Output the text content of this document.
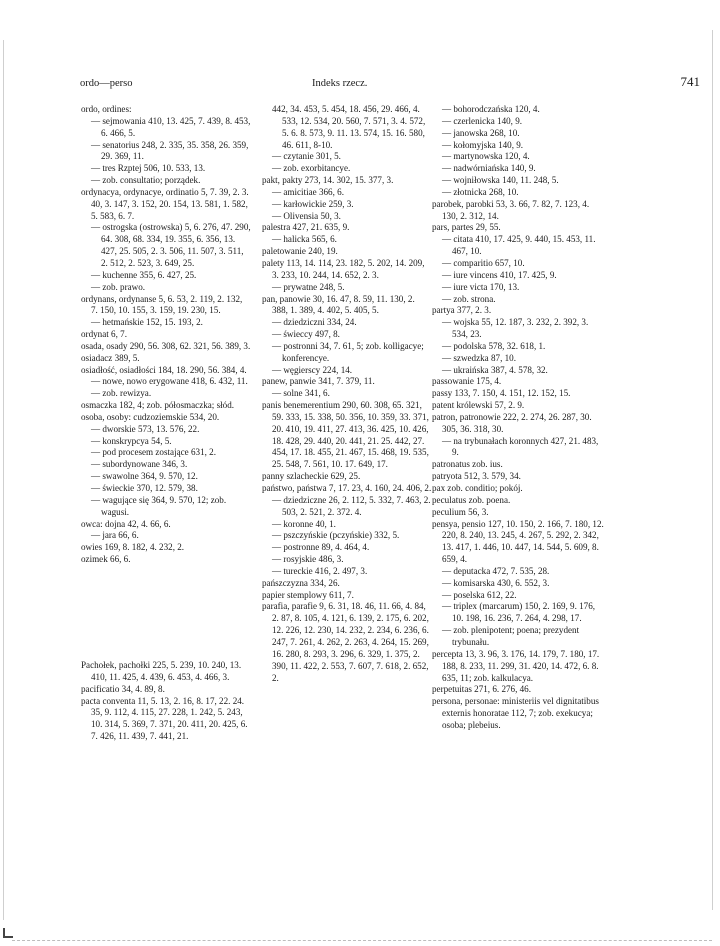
ordo—perso	Indeks rzecz.	741

ordo, ordines:

— sejmowania 410, 13. 425, 7. 439, 8. 453, 6. 466, 5.

— senatorius 248, 2. 335, 35. 358, 26. 359, 29. 369, 11.

— tres Rzptej 506, 10. 533, 13.

— zob. consultatio; porządek.

ordynacya, ordynacye, ordinatio 5, 7. 39, 2. 3. 40, 3. 147, 3. 152, 20. 154, 13. 581, 1. 582, 5. 583, 6. 7.

— ostrogska (ostrowska) 5, 6. 276, 47. 290, 64. 308, 68. 334, 19. 355, 6. 356, 13. 427, 25. 505, 2. 3. 506, 11. 507, 3. 511, 2. 512, 2. 523, 3. 649, 25.

— kuchenne 355, 6. 427, 25.

— zob. prawo.

ordynans, ordynanse 5, 6. 53, 2. 119, 2. 132, 7. 150, 10. 155, 3. 159, 19. 230, 15.

— hetmańskie 152, 15. 193, 2.

ordynat 6, 7.

osada, osady 290, 56. 308, 62. 321, 56. 389, 3.

osiadacz 389, 5.

osiadłość, osiadłości 184, 18. 290, 56. 384, 4.

— nowe, nowo erygowane 418, 6. 432, 11.

— zob. rewizya.

osmaczka 182, 4; zob. półosmaczka; słód.

osoba, osoby: cudzoziemskie 534, 20.

— dworskie 573, 13. 576, 22.

— konskrypcya 54, 5.

— pod procesem zostające 631, 2.

— subordynowane 346, 3.

— swawolne 364, 9. 570, 12.

— świeckie 370, 12. 579, 38.

— wagujące się 364, 9. 570, 12; zob. wagusi.

owca: dojna 42, 4. 66, 6.

— jara 66, 6.

owies 169, 8. 182, 4. 232, 2.

ozimek 66, 6.

Pachołek, pachołki 225, 5. 239, 10. 240, 13. 410, 11. 425, 4. 439, 6. 453, 4. 466, 3.

pacificatio 34, 4. 89, 8.

pacta conventa 11, 5. 13, 2. 16, 8. 17, 22. 24. 35, 9. 112, 4. 115, 27. 228, 1. 242, 5. 243, 10. 314, 5. 369, 7. 371, 20. 411, 20. 425, 6. 7. 426, 11. 439, 7. 441, 21.

442, 34. 453, 5. 454, 18. 456, 29. 466, 4. 533, 12. 534, 20. 560, 7. 571, 3. 4. 572, 5. 6. 8. 573, 9. 11. 13. 574, 15. 16. 580, 46. 611, 8-10.

— czytanie 301, 5.

— zob. exorbitancye.

pakt, pakty 273, 14. 302, 15. 377, 3.

— amicitiae 366, 6.

— karłowickie 259, 3.

— Olivensia 50, 3.

palestra 427, 21. 635, 9.

— halicka 565, 6.

paletowanie 240, 19.

palety 113, 14. 114, 23. 182, 5. 202, 14. 209, 3. 233, 10. 244, 14. 652, 2. 3.

— prywatne 248, 5.

pan, panowie 30, 16. 47, 8. 59, 11. 130, 2. 388, 1. 389, 4. 402, 5. 405, 5.

— dziedziczni 334, 24.

— świeccy 497, 8.

— postronni 34, 7. 61, 5; zob. kolligacye; konferencye.

— węgierscy 224, 14.

panew, panwie 341, 7. 379, 11.

— solne 341, 6.

panis benemerentium 290, 60. 308, 65. 321, 59. 333, 15. 338, 50. 356, 10. 359, 33. 371, 20. 410, 19. 411, 27. 413, 36. 425, 10. 426, 18. 428, 29. 440, 20. 441, 21. 25. 442, 27. 454, 17. 18. 455, 21. 467, 15. 468, 19. 535, 25. 548, 7. 561, 10. 17. 649, 17.

panny szlacheckie 629, 25.

państwo, państwa 7, 17. 23, 4. 160, 24. 406, 2.

— dziedziczne 26, 2. 112, 5. 332, 7. 463, 2. 503, 2. 521, 2. 372. 4.

— koronne 40, 1.

— pszczyńskie (pczyńskie) 332, 5.

— postronne 89, 4. 464, 4.

— rosyjskie 486, 3.

— tureckie 416, 2. 497, 3.

pańszczyzna 334, 26.

papier stemplowy 611, 7.

parafia, parafie 9, 6. 31, 18. 46, 11. 66, 4. 84, 2. 87, 8. 105, 4. 121, 6. 139, 2. 175, 6. 202, 12. 226, 12. 230, 14. 232, 2. 234, 6. 236, 6. 247, 7. 261, 4. 262, 2. 263, 4. 264, 15. 269, 16. 280, 8. 293, 3. 296, 6. 329, 1. 375, 2. 390, 11. 422, 2. 553, 7. 607, 7. 618, 2. 652, 2.

— bohorodczańska 120, 4.

— czerlenicka 140, 9.

— janowska 268, 10.

— kołomyjska 140, 9.

— martynowska 120, 4.

— nadwórniańska 140, 9.

— wojniłowska 140, 11. 248, 5.

— złotnicka 268, 10.

parobek, parobki 53, 3. 66, 7. 82, 7. 123, 4. 130, 2. 312, 14.

pars, partes 29, 55.

— citata 410, 17. 425, 9. 440, 15. 453, 11. 467, 10.

— comparitio 657, 10.

— iure vincens 410, 17. 425, 9.

— iure victa 170, 13.

— zob. strona.

partya 377, 2. 3.

— wojska 55, 12. 187, 3. 232, 2. 392, 3. 534, 23.

— podolska 578, 32. 618, 1.

— szwedzka 87, 10.

— ukraińska 387, 4. 578, 32.

passowanie 175, 4.

passy 133, 7. 150, 4. 151, 12. 152, 15.

patent królewski 57, 2. 9.

patron, patronowie 222, 2. 274, 26. 287, 30. 305, 36. 318, 30.

— na trybunałach koronnych 427, 21. 483, 9.

patronatus zob. ius.

patryota 512, 3. 579, 34.

pax zob. conditio; pokój.

peculatus zob. poena.

peculium 56, 3.

pensya, pensio 127, 10. 150, 2. 166, 7. 180, 12. 220, 8. 240, 13. 245, 4. 267, 5. 292, 2. 342, 13. 417, 1. 446, 10. 447, 14. 544, 5. 609, 8. 659, 4.

— deputacka 472, 7. 535, 28.

— komisarska 430, 6. 552, 3.

— poselska 612, 22.

— triplex (marcarum) 150, 2. 169, 9. 176, 10. 198, 16. 236, 7. 264, 4. 298, 17.

— zob. plenipotent; poena; prezydent trybunału.

percepta 13, 3. 96, 3. 176, 14. 179, 7. 180, 17. 188, 8. 233, 11. 299, 31. 420, 14. 472, 6. 8. 635, 11; zob. kalkulacya.

perpetuitas 271, 6. 276, 46.

persona, personae: ministeriis vel dignitatibus externis honoratae 112, 7; zob. exekucya; osoba; plebeius.
